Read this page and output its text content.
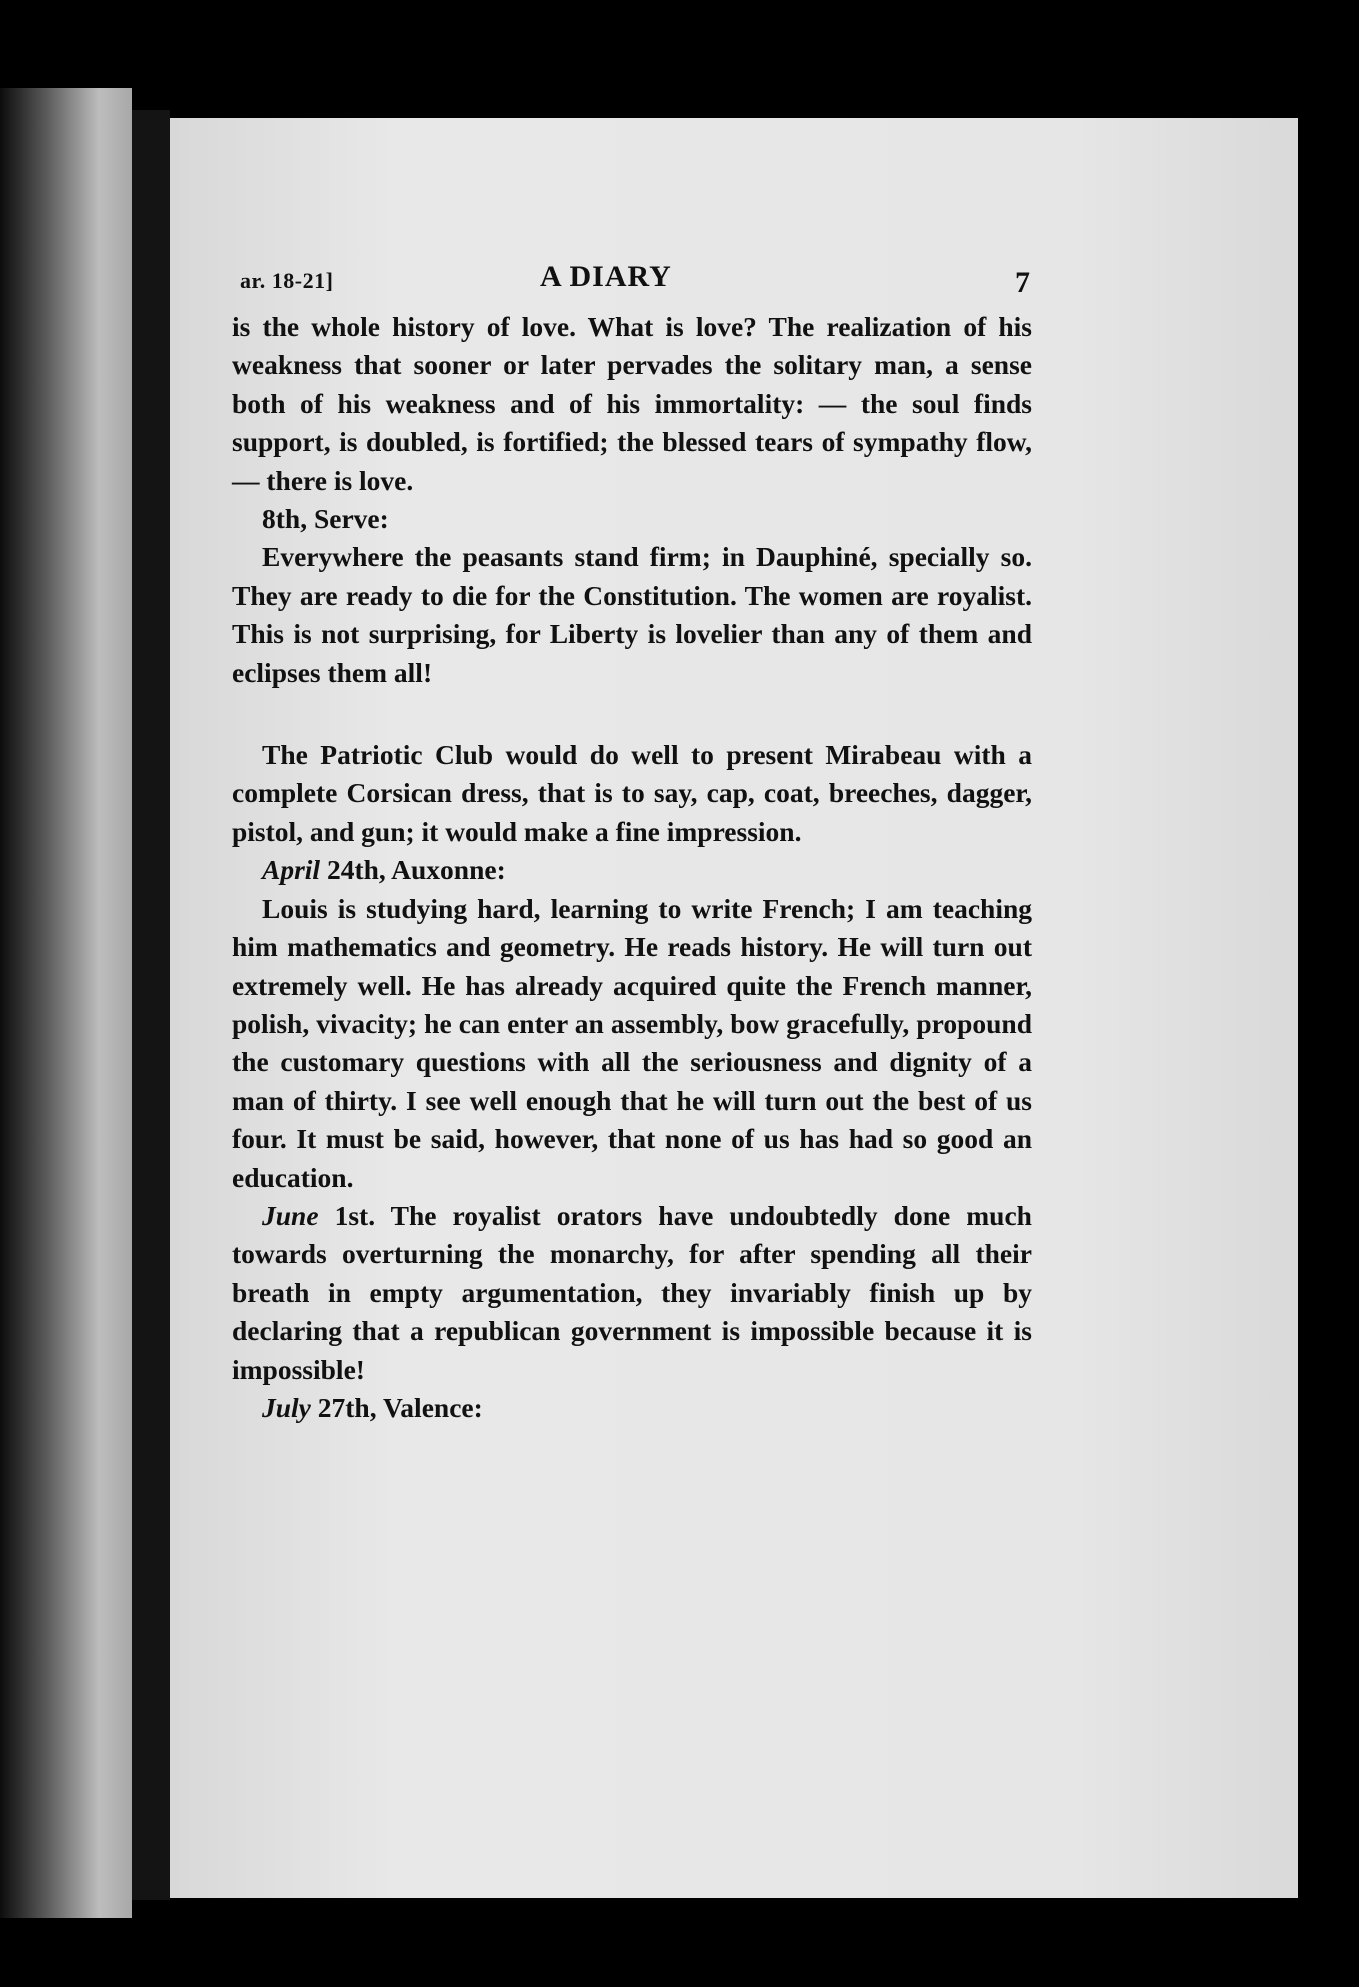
ar. 18-21]	A DIARY	7

is the whole history of love. What is love? The realization of his weakness that sooner or later pervades the solitary man, a sense both of his weakness and of his immortality: — the soul finds support, is doubled, is fortified; the blessed tears of sympathy flow, — there is love.

8th, Serve:

Everywhere the peasants stand firm; in Dauphiné, specially so. They are ready to die for the Constitution. The women are royalist. This is not surprising, for Liberty is lovelier than any of them and eclipses them all!

The Patriotic Club would do well to present Mirabeau with a complete Corsican dress, that is to say, cap, coat, breeches, dagger, pistol, and gun; it would make a fine impression.

April 24th, Auxonne:

Louis is studying hard, learning to write French; I am teaching him mathematics and geometry. He reads history. He will turn out extremely well. He has already acquired quite the French manner, polish, vivacity; he can enter an assembly, bow gracefully, propound the customary questions with all the seriousness and dignity of a man of thirty. I see well enough that he will turn out the best of us four. It must be said, however, that none of us has had so good an education.

June 1st. The royalist orators have undoubtedly done much towards overturning the monarchy, for after spending all their breath in empty argumentation, they invariably finish up by declaring that a republican government is impossible because it is impossible!

July 27th, Valence:
